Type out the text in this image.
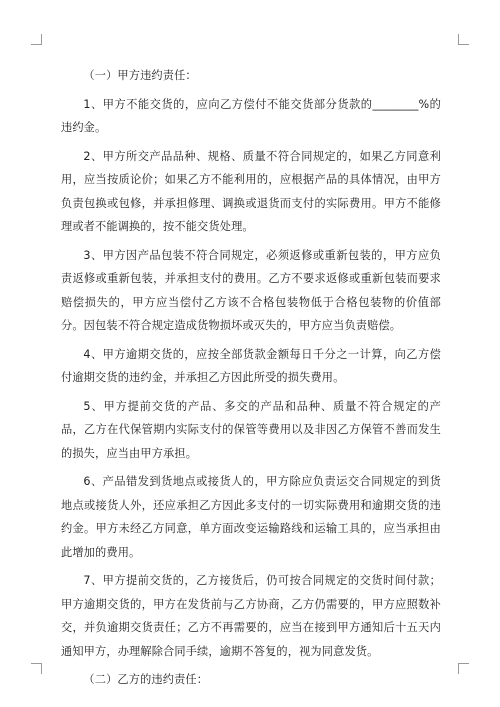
（一）甲方违约责任：

1、甲方不能交货的，应向乙方偿付不能交货部分货款的________%的违约金。

2、甲方所交产品品种、规格、质量不符合同规定的，如果乙方同意利用，应当按质论价；如果乙方不能利用的，应根据产品的具体情况，由甲方负责包换或包修，并承担修理、调换或退货而支付的实际费用。甲方不能修理或者不能调换的，按不能交货处理。

3、甲方因产品包装不符合同规定，必须返修或重新包装的，甲方应负责返修或重新包装，并承担支付的费用。乙方不要求返修或重新包装而要求赔偿损失的，甲方应当偿付乙方该不合格包装物低于合格包装物的价值部分。因包装不符合规定造成货物损坏或灭失的，甲方应当负责赔偿。

4、甲方逾期交货的，应按全部货款金额每日千分之一计算，向乙方偿付逾期交货的违约金，并承担乙方因此所受的损失费用。

5、甲方提前交货的产品、多交的产品和品种、质量不符合规定的产品，乙方在代保管期内实际支付的保管等费用以及非因乙方保管不善而发生的损失，应当由甲方承担。

6、产品错发到货地点或接货人的，甲方除应负责运交合同规定的到货地点或接货人外，还应承担乙方因此多支付的一切实际费用和逾期交货的违约金。甲方未经乙方同意，单方面改变运输路线和运输工具的，应当承担由此增加的费用。

7、甲方提前交货的，乙方接货后，仍可按合同规定的交货时间付款；甲方逾期交货的，甲方在发货前与乙方协商，乙方仍需要的，甲方应照数补交，并负逾期交货责任；乙方不再需要的，应当在接到甲方通知后十五天内通知甲方，办理解除合同手续，逾期不答复的，视为同意发货。

（二）乙方的违约责任：
